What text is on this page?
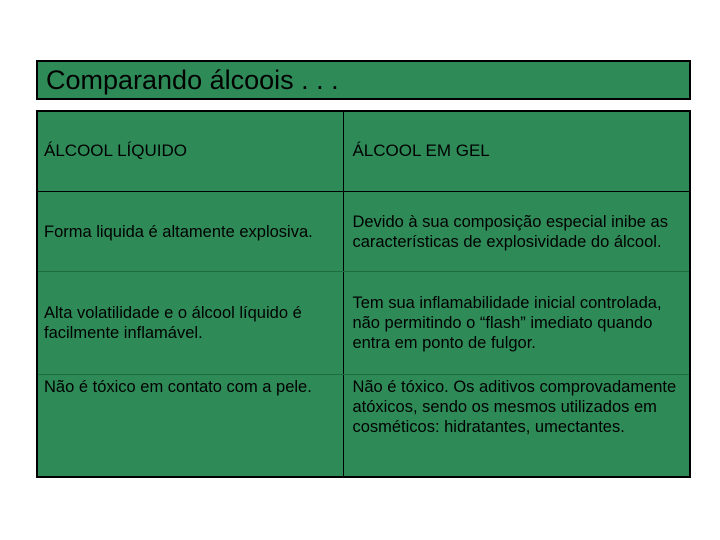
Comparando álcoois . . .
ÁLCOOL LÍQUIDO	ÁLCOOL EM GEL
Forma liquida é altamente explosiva.	Devido à sua composição especial inibe as características de explosividade do álcool.
Alta volatilidade e o álcool líquido é facilmente inflamável.	Tem sua inflamabilidade inicial controlada, não permitindo o “flash” imediato quando entra em ponto de fulgor.
Não é tóxico em contato com a pele.	Não é tóxico. Os aditivos comprovadamente atóxicos, sendo os mesmos utilizados em cosméticos: hidratantes, umectantes.
